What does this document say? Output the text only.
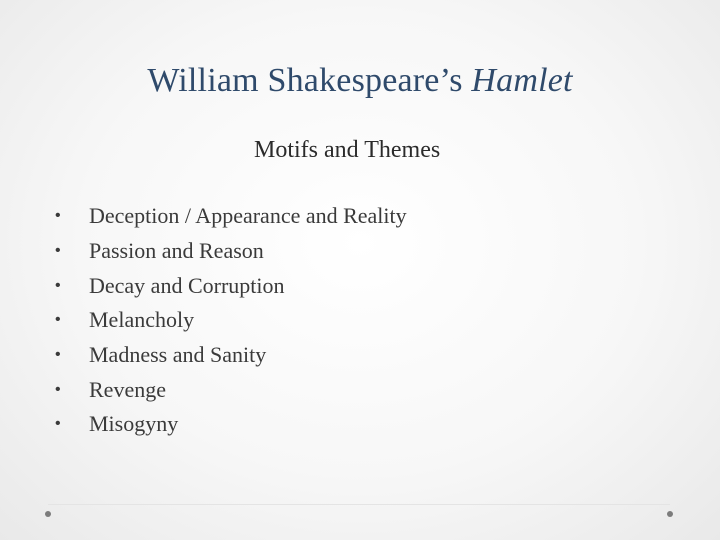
William Shakespeare’s Hamlet
Motifs and Themes
•	Deception / Appearance and Reality
•	Passion and Reason
•	Decay and Corruption
•	Melancholy
•	Madness and Sanity
•	Revenge
•	Misogyny
